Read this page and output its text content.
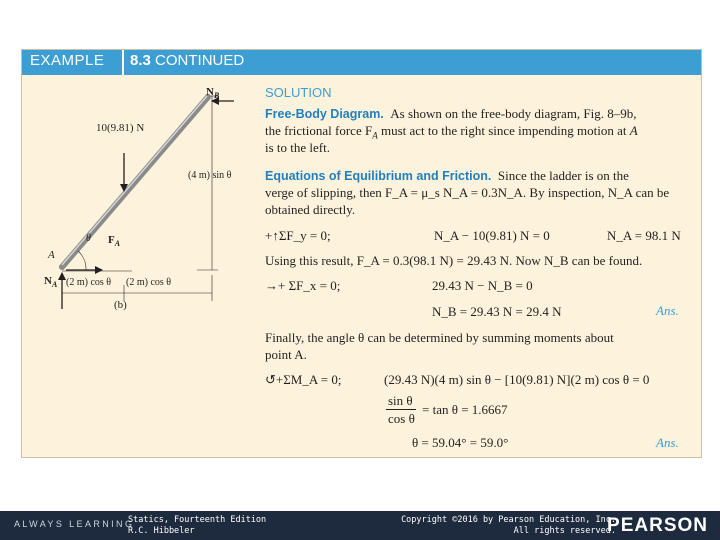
EXAMPLE 8.3 CONTINUED
$N_B$
10(9.81) N
(4 m) sin θ
θ $F_A$
A
$N_A$ (2 m) cos θ (2 m) cos θ
(b)
SOLUTION
Free-Body Diagram. As shown on the free-body diagram, Fig. 8–9b,
the frictional force $F_A$ must act to the right since impending motion at A
is to the left.
Equations of Equilibrium and Friction. Since the ladder is on the
verge of slipping, then F_A = μ_s N_A = 0.3N_A. By inspection, N_A can be
obtained directly.
+↑ΣF_y = 0;	N_A − 10(9.81) N = 0	N_A = 98.1 N
Using this result, F_A = 0.3(98.1 N) = 29.43 N. Now N_B can be found.
→+ ΣF_x = 0;	29.43 N − N_B = 0
N_B = 29.43 N = 29.4 N	Ans.
Finally, the angle θ can be determined by summing moments about
point A.
↺+ΣM_A = 0;	(29.43 N)(4 m) sin θ − [10(9.81) N](2 m) cos θ = 0
sin θ
cos θ
= tan θ = 1.6667
θ = 59.04° = 59.0°	Ans.
ALWAYS LEARNING
Statics, Fourteenth Edition
R.C. Hibbeler
Copyright ©2016 by Pearson Education, Inc.
All rights reserved.
PEARSON
